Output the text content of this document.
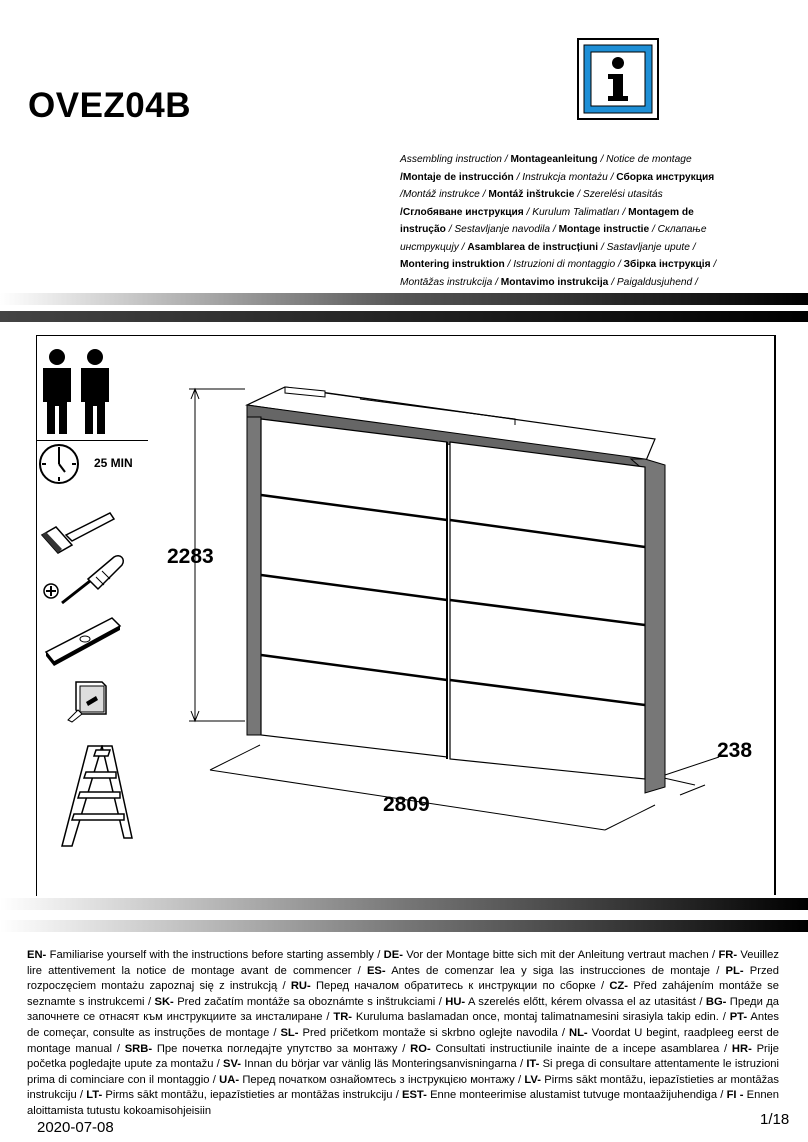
OVEZ04B
Assembling instruction / Montageanleitung / Notice de montage
/Montaje de instrucción / Instrukcja montażu / Сборка инструкция
/Montáž instrukce / Montáž inštrukcie / Szerelési utasitás
/Сглобяване инструкция / Kurulum Talimatları / Montagem de
instrução / Sestavljanje navodila / Montage instructie / Склапање
инструкцију / Asamblarea de instrucțiuni / Sastavljanje upute /
Montering instruktion / Istruzioni di montaggio / Збірка інструкція /
Montāžas instrukcija / Montavimo instrukcija / Paigaldusjuhend /

25 MIN
2283
2809
238
EN- Familiarise yourself with the instructions before starting assembly / DE- Vor der Montage bitte sich mit der Anleitung vertraut machen / FR- Veuillez lire attentivement la notice de montage avant de commencer / ES- Antes de comenzar lea y siga las instrucciones de montaje / PL- Przed rozpoczęciem montażu zapoznaj się z instrukcją / RU- Перед началом обратитесь к инструкции по сборке / CZ- Před zahájením montáže se seznamte s instrukcemi / SK- Pred začatím montáže sa oboznámte s inštrukciami / HU- A szerelés előtt, kérem olvassa el az utasitást / BG- Преди да започнете се отнасят към инструкциите за инсталиране / TR- Kuruluma baslamadan once, montaj talimatnamesini sirasiyla takip edin. / PT- Antes de começar, consulte as instruções de montage / SL- Pred pričetkom montaže si skrbno oglejte navodila / NL- Voordat U begint, raadpleeg eerst de montage manual / SRB- Пре почетка погледајте упутство за монтажу / RO- Consultati instructiunile inainte de a incepe asamblarea / HR- Prije početka pogledajte upute za montažu / SV- Innan du börjar var vänlig läs Monteringsanvisningarna / IT- Si prega di consultare attentamente le istruzioni prima di cominciare con il montaggio / UA- Перед початком ознайомтесь з інструкцією монтажу / LV- Pirms sākt montāžu, iepazīstieties ar montāžas instrukciju / LT- Pirms sākt montāžu, iepazīstieties ar montāžas instrukciju / EST- Enne monteerimise alustamist tutvuge montaažijuhendiga / FI - Ennen aloittamista tutustu kokoamisohjeisiin
2020-07-08	1/18
